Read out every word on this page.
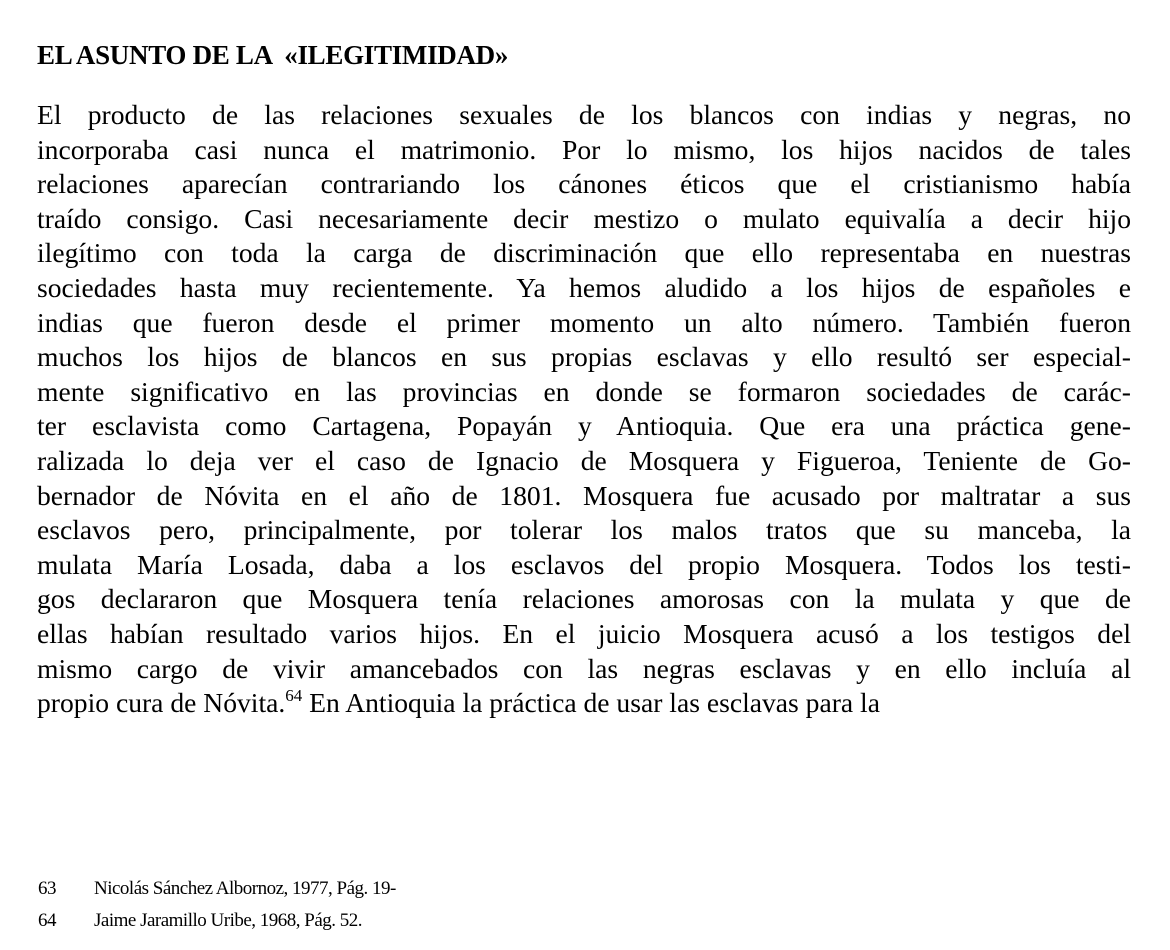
EL ASUNTO DE LA  «ILEGITIMIDAD»
El producto de las relaciones sexuales de los blancos con indias y negras, no
incorporaba casi nunca el matrimonio. Por lo mismo, los hijos nacidos de tales
relaciones aparecían contrariando los cánones éticos que el cristianismo había
traído consigo. Casi necesariamente decir mestizo o mulato equivalía a decir hijo
ilegítimo con toda la carga de discriminación que ello representaba en nuestras
sociedades hasta muy recientemente. Ya hemos aludido a los hijos de españoles e
indias que fueron desde el primer momento un alto número. También fueron
muchos los hijos de blancos en sus propias esclavas y ello resultó ser especial-
mente significativo en las provincias en donde se formaron sociedades de carác-
ter esclavista como Cartagena, Popayán y Antioquia. Que era una práctica gene-
ralizada lo deja ver el caso de Ignacio de Mosquera y Figueroa, Teniente de Go-
bernador de Nóvita en el año de 1801. Mosquera fue acusado por maltratar a sus
esclavos pero, principalmente, por tolerar los malos tratos que su manceba, la
mulata María Losada, daba a los esclavos del propio Mosquera. Todos los testi-
gos declararon que Mosquera tenía relaciones amorosas con la mulata y que de
ellas habían resultado varios hijos. En el juicio Mosquera acusó a los testigos del
mismo cargo de vivir amancebados con las negras esclavas y en ello incluía al
propio cura de Nóvita.$^{64}$ En Antioquia la práctica de usar las esclavas para la
63	Nicolás Sánchez Albornoz, 1977, Pág. 19-
64	Jaime Jaramillo Uribe, 1968, Pág. 52.
